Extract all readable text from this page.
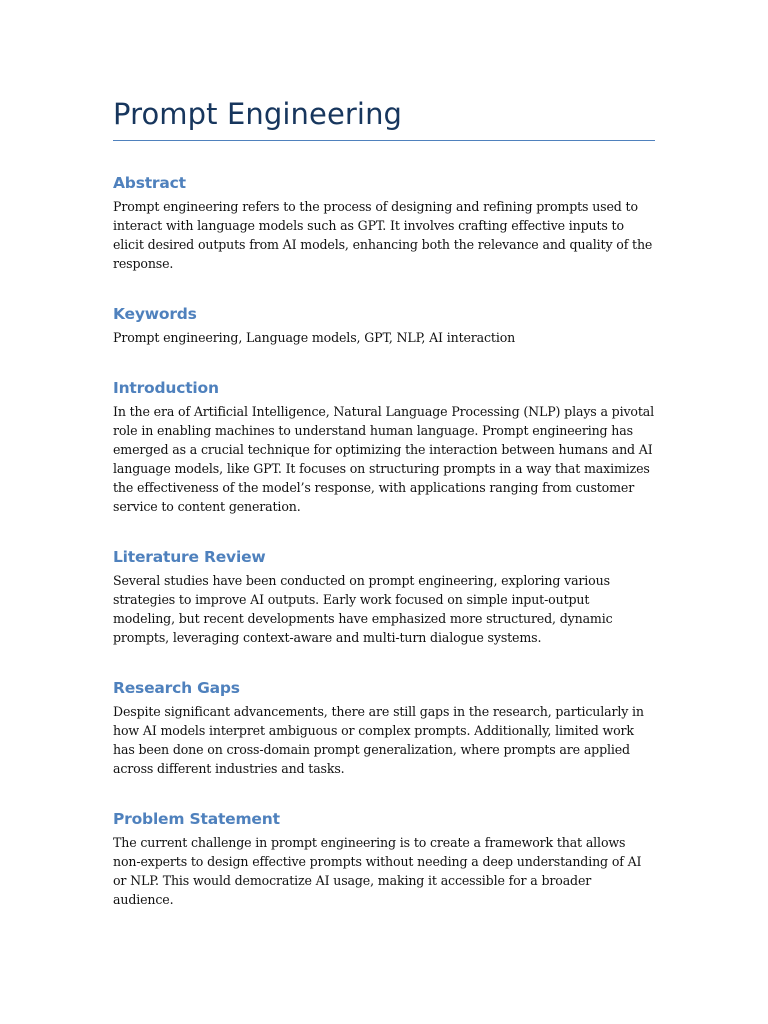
Prompt Engineering
Abstract

Prompt engineering refers to the process of designing and refining prompts used to interact with language models such as GPT. It involves crafting effective inputs to elicit desired outputs from AI models, enhancing both the relevance and quality of the response.

Keywords

Prompt engineering, Language models, GPT, NLP, AI interaction

Introduction

In the era of Artificial Intelligence, Natural Language Processing (NLP) plays a pivotal role in enabling machines to understand human language. Prompt engineering has emerged as a crucial technique for optimizing the interaction between humans and AI language models, like GPT. It focuses on structuring prompts in a way that maximizes the effectiveness of the model’s response, with applications ranging from customer service to content generation.

Literature Review

Several studies have been conducted on prompt engineering, exploring various strategies to improve AI outputs. Early work focused on simple input-output modeling, but recent developments have emphasized more structured, dynamic prompts, leveraging context-aware and multi-turn dialogue systems.

Research Gaps

Despite significant advancements, there are still gaps in the research, particularly in how AI models interpret ambiguous or complex prompts. Additionally, limited work has been done on cross-domain prompt generalization, where prompts are applied across different industries and tasks.

Problem Statement

The current challenge in prompt engineering is to create a framework that allows non-experts to design effective prompts without needing a deep understanding of AI or NLP. This would democratize AI usage, making it accessible for a broader audience.
